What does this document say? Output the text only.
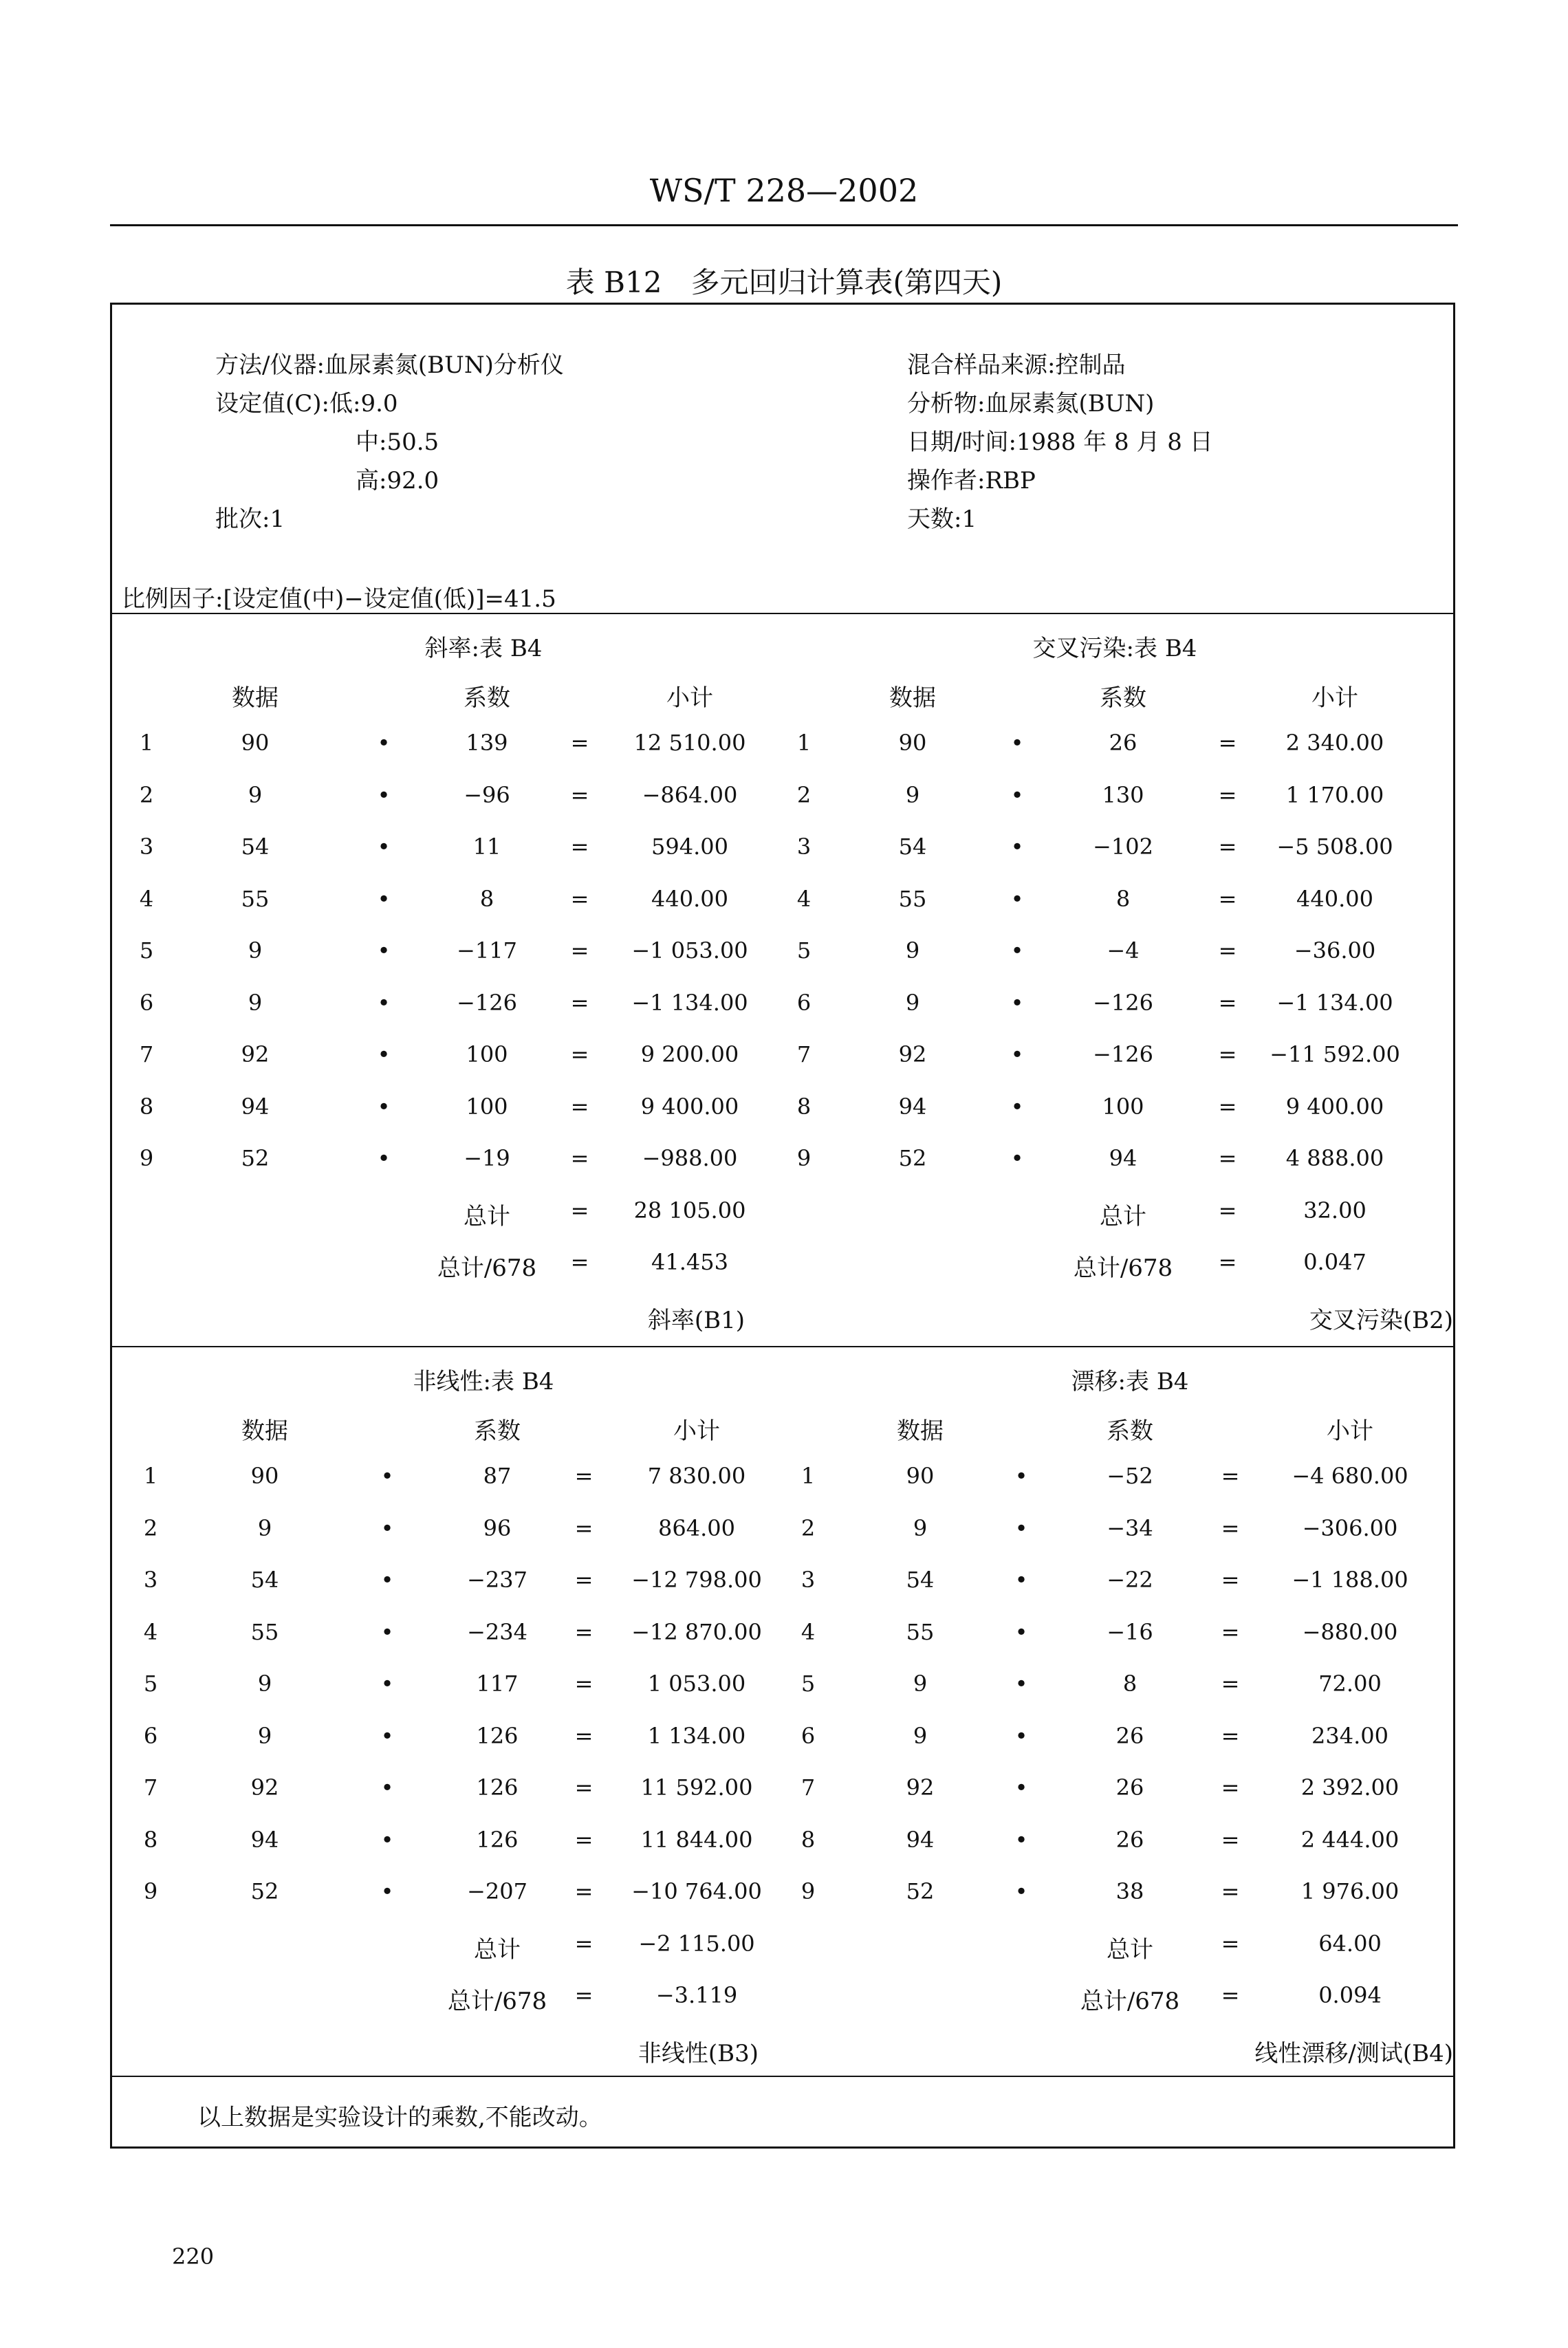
WS/T 228—2002
表 B12　多元回归计算表(第四天)
方法/仪器:血尿素氮(BUN)分析仪
设定值(C):低:9.0
中:50.5
高:92.0
批次:1
混合样品来源:控制品
分析物:血尿素氮(BUN)
日期/时间:1988 年 8 月 8 日
操作者:RBP
天数:1
比例因子:[设定值(中)−设定值(低)]=41.5
斜率:表 B4
数据	系数	小计
1	90	•	139	= 12 510.00
2	9	•	−96	= −864.00
3	54	•	11	=	594.00
4	55	•	8	=	440.00
5	9	•	−117 = −1 053.00
6	9	•	−126 = −1 134.00
7	92	•	100	= 9 200.00
8	94	•	100	= 9 400.00
9	52	•	−19	= −988.00
总计	= 28 105.00
总计/678 =	41.453
斜率(B1)
交叉污染:表 B4
数据	系数	小计
1	90	•	26	= 2 340.00
2	9	•	130	= 1 170.00
3	54	•	−102	= −5 508.00
4	55	•	8	=	440.00
5	9	•	−4	=	−36.00
6	9	•	−126	= −1 134.00
7	92	•	−126	= −11 592.00
8	94	•	100	= 9 400.00
9	52	•	94	= 4 888.00
总计	=	32.00
总计/678 =	0.047
交叉污染(B2)
非线性:表 B4
数据	系数	小计
1	90	•	87	= 7 830.00
2	9	•	96	=	864.00
3	54	•	−237 = −12 798.00
4	55	•	−234 = −12 870.00
5	9	•	117	= 1 053.00
6	9	•	126	= 1 134.00
7	92	•	126	= 11 592.00
8	94	•	126	= 11 844.00
9	52	•	−207 = −10 764.00
总计 = −2 115.00
总计/678 =	−3.119
非线性(B3)
漂移:表 B4
数据	系数	小计
1	90	•	−52	= −4 680.00
2	9	•	−34	=	−306.00
3	54	•	−22	= −1 188.00
4	55	•	−16	=	−880.00
5	9	•	8	=	72.00
6	9	•	26	=	234.00
7	92	•	26	=	2 392.00
8	94	•	26	=	2 444.00
9	52	•	38	=	1 976.00
总计	=	64.00
总计/678 =	0.094
线性漂移/测试(B4)
以上数据是实验设计的乘数,不能改动。
220
